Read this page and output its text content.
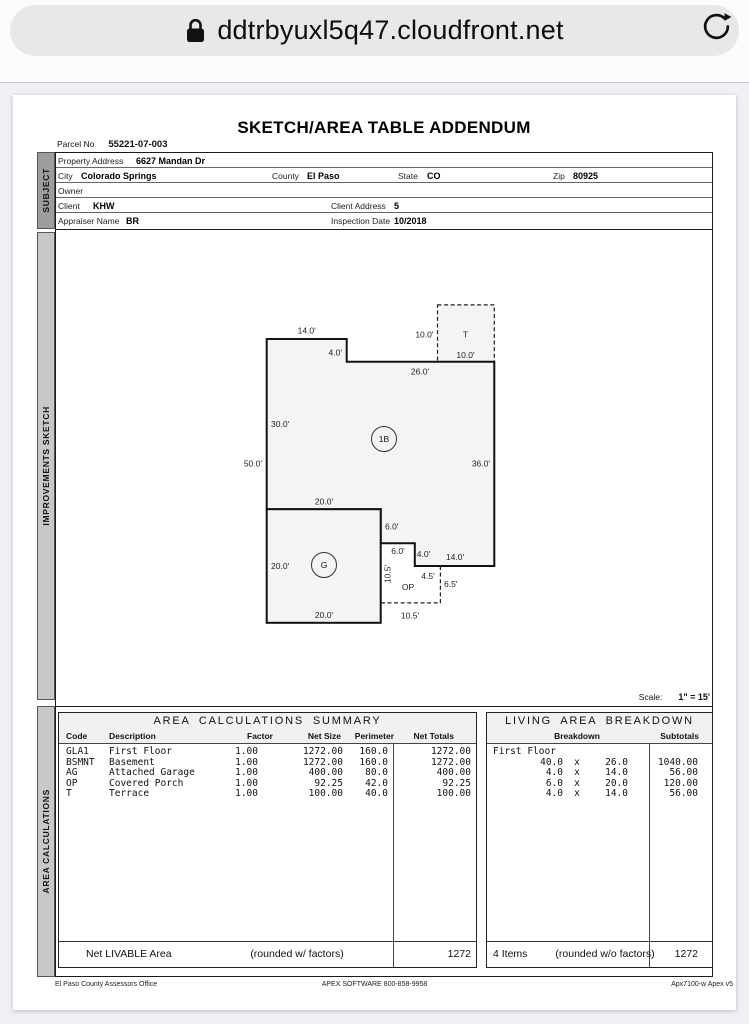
ddtrbyuxl5q47.cloudfront.net
SKETCH/AREA TABLE ADDENDUM
Parcel No 55221-07-003
SUBJECT
IMPROVEMENTS SKETCH
AREA CALCULATIONS
Property Address 6627 Mandan Dr
City Colorado Springs	County El Paso	State CO	Zip 80925
Owner
Client KHW	Client Address 5
Appraiser Name BR	Inspection Date 10/2018
Scale: 1" = 15'
1B
G
14.0'
4.0'
26.0'
30.0'
50.0'	36.0'
20.0'
20.0'
20.0'
6.0'
6.0' 4.0' 14.0'
10.5'	4.5'
6.5'
OP
10.5'
T
10.0'
10.0'
AREA CALCULATIONS SUMMARY
Code	Description	Factor	Net Size	Perimeter	Net Totals
GLA1 First Floor	1.00	1272.00	160.0	1272.00
BSMNT Basement	1.00	1272.00	160.0	1272.00
AG	Attached Garage	1.00	400.00	80.0	400.00
OP	Covered Porch	1.00	92.25	42.0	92.25
T	Terrace	1.00	100.00	40.0	100.00
Net LIVABLE Area	(rounded w/ factors)	1272
LIVING AREA BREAKDOWN
Breakdown	Subtotals
First Floor
40.0 x	26.0	1040.00
4.0 x	14.0	56.00
6.0 x	20.0	120.00
4.0 x	14.0	56.00
4 Items	(rounded w/o factors)	1272
El Paso County Assessors Office	APEX SOFTWARE 800-858-9958	Apx7100-w Apex v5
